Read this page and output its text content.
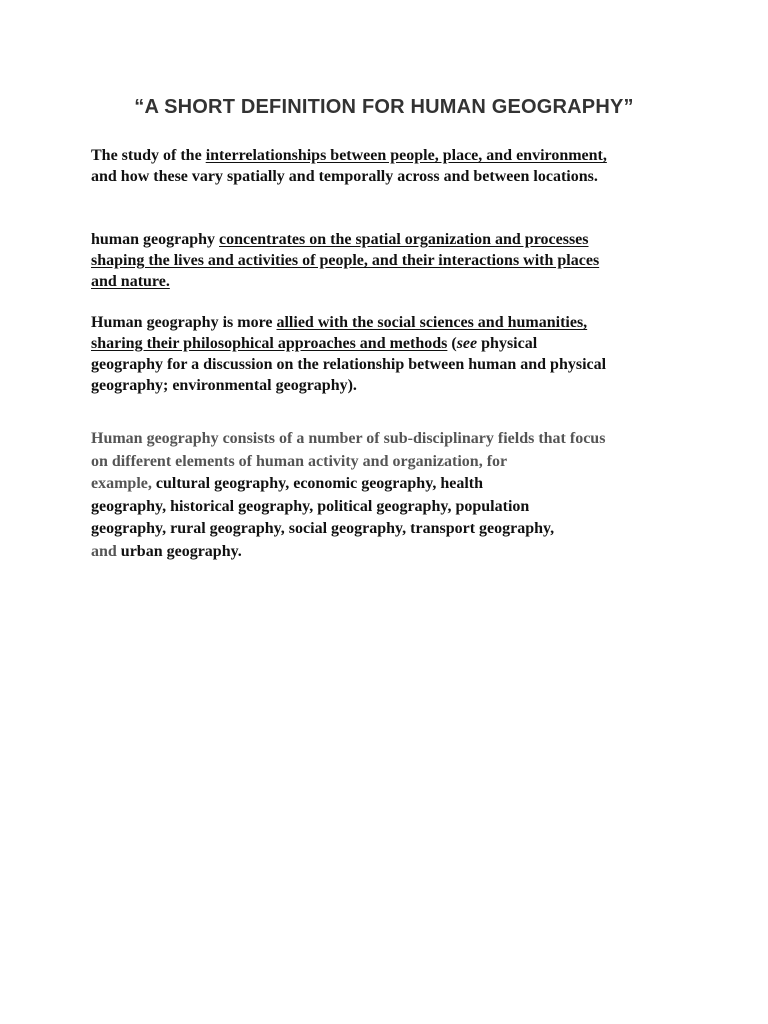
“A SHORT DEFINITION FOR HUMAN GEOGRAPHY”

The study of the interrelationships between people, place, and environment,
and how these vary spatially and temporally across and between locations.

human geography concentrates on the spatial organization and processes
shaping the lives and activities of people, and their interactions with places
and nature.

Human geography is more allied with the social sciences and humanities,
sharing their philosophical approaches and methods (see physical
geography for a discussion on the relationship between human and physical
geography; environmental geography).

Human geography consists of a number of sub-disciplinary fields that focus
on different elements of human activity and organization, for
example, cultural geography, economic geography, health
geography, historical geography, political geography, population
geography, rural geography, social geography, transport geography,
and urban geography.
